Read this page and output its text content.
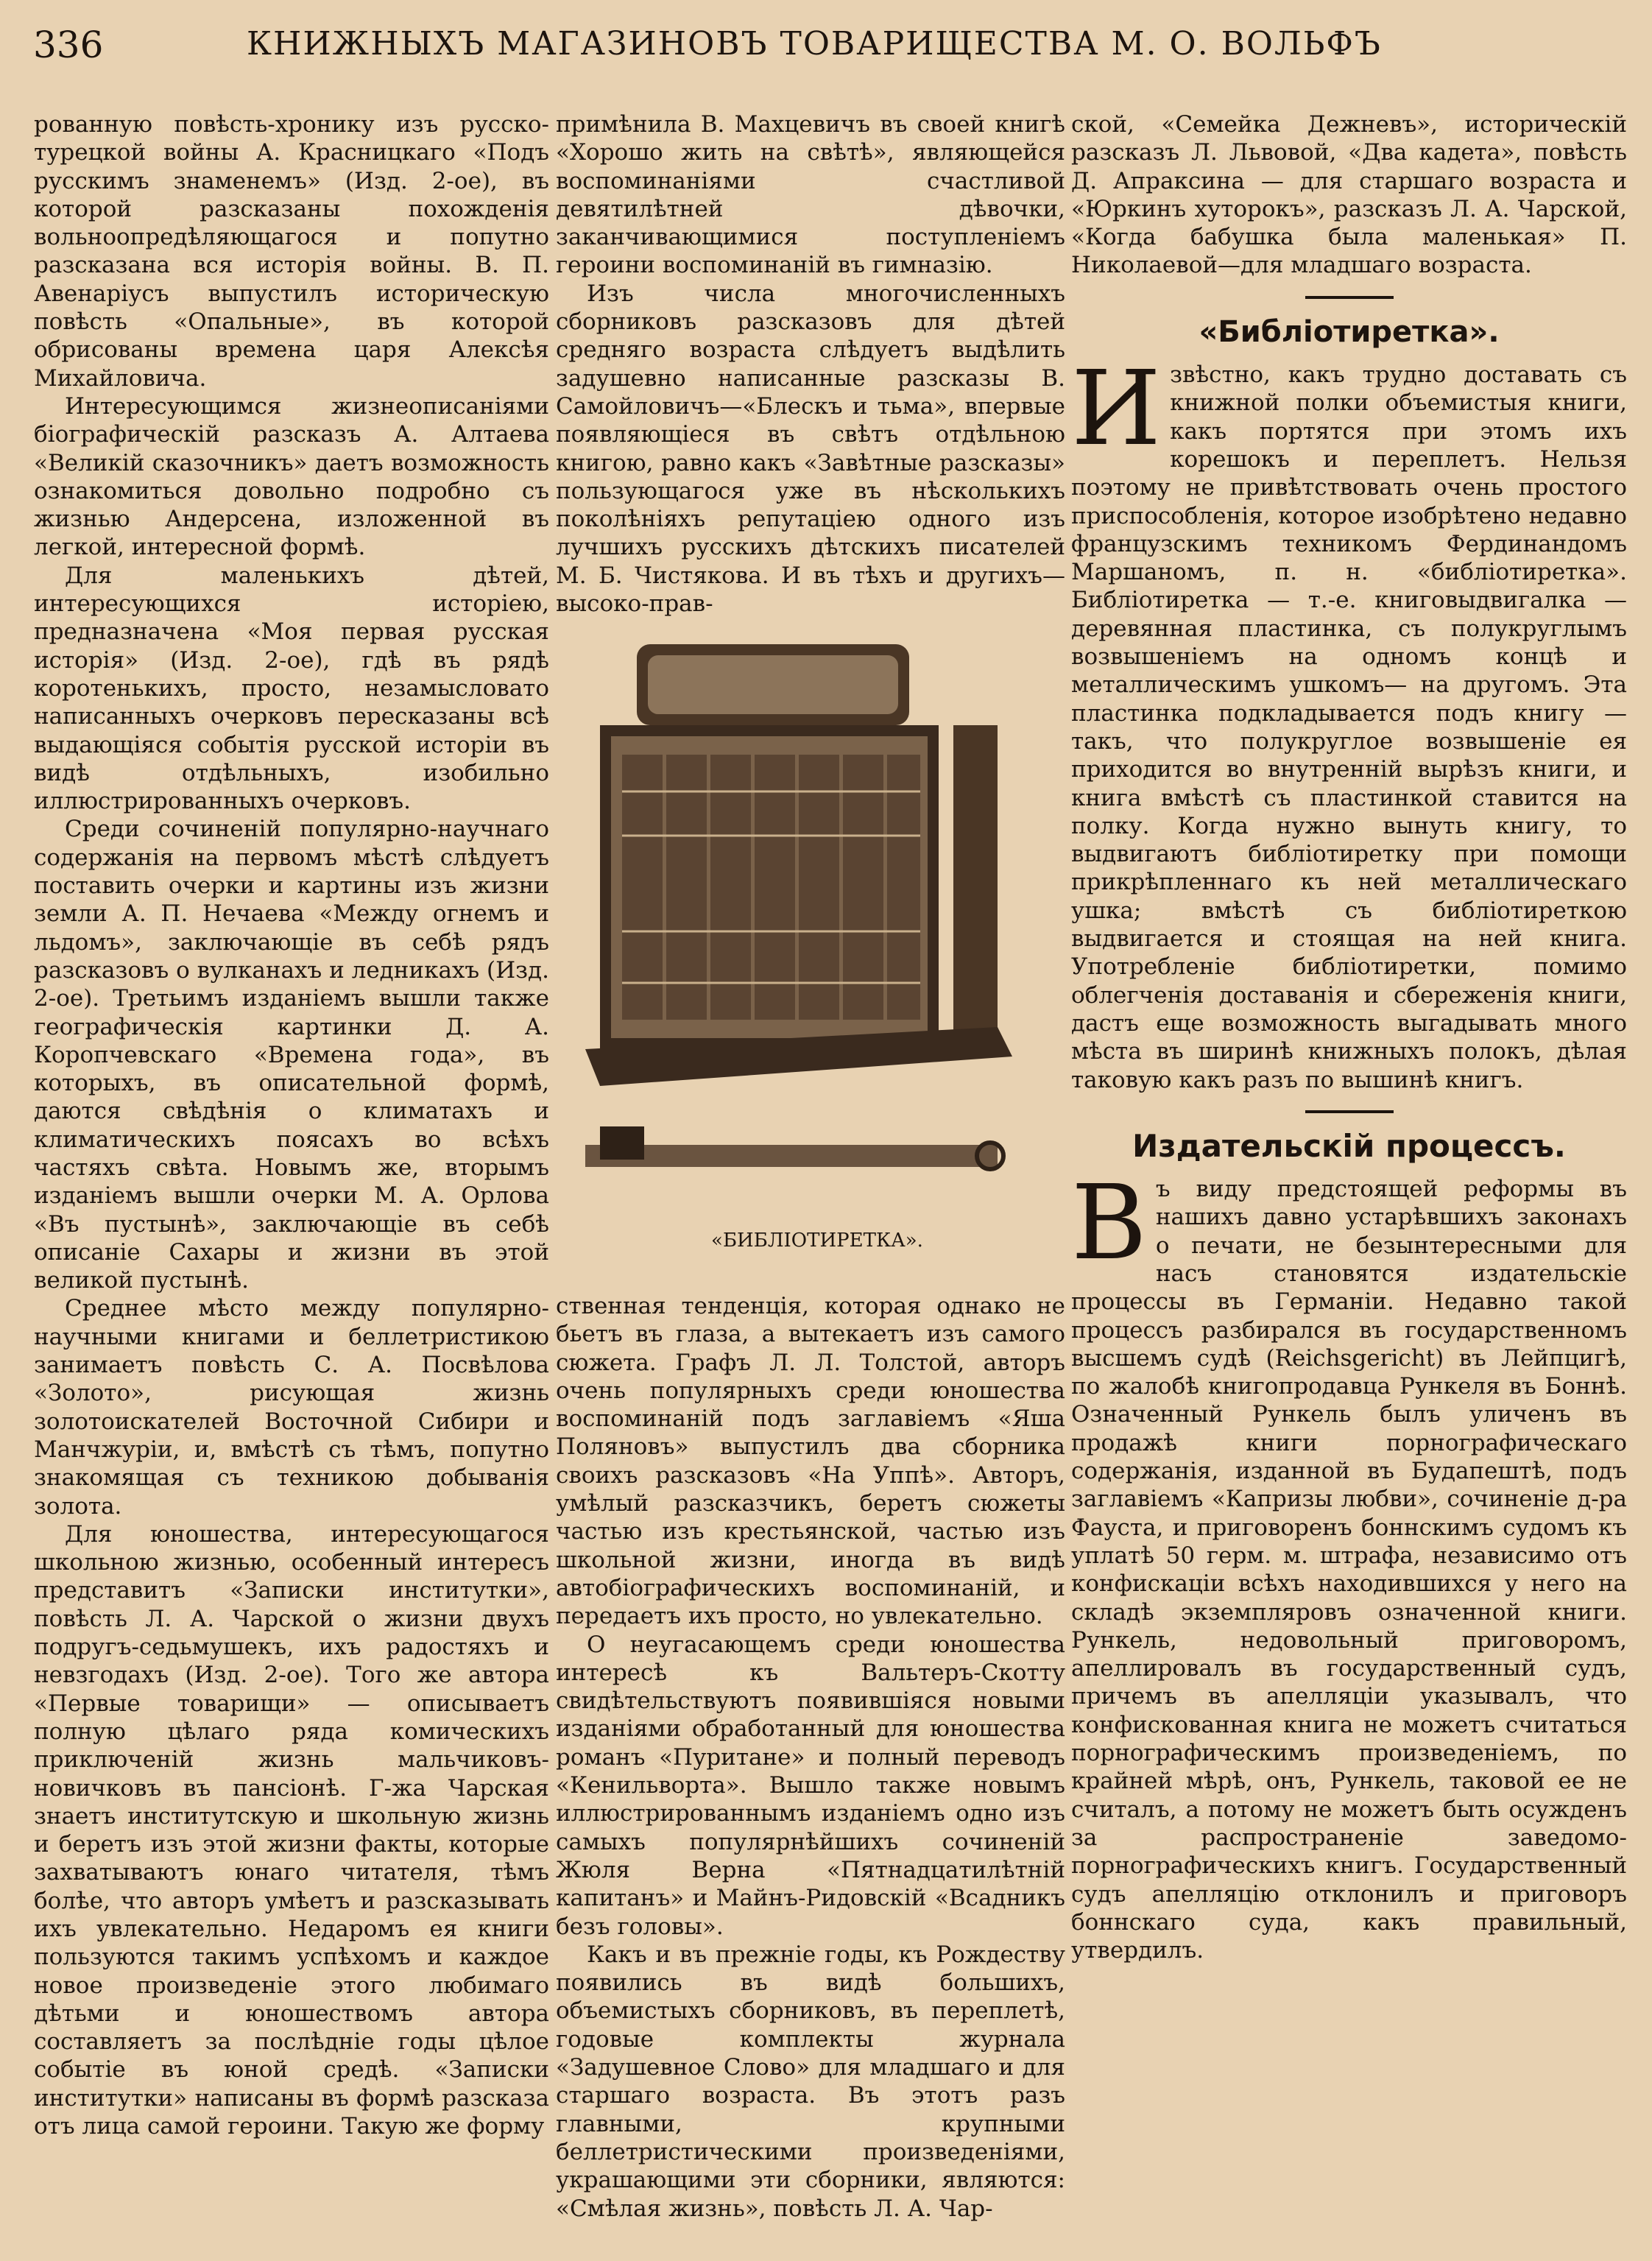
336	КНИЖНЫХЪ МАГАЗИНОВЪ ТОВАРИЩЕСТВА М. О. ВОЛЬФЪ

рованную повѣсть-хронику изъ русско-турецкой войны А. Красницкаго «Подъ русскимъ знаменемъ» (Изд. 2-ое), въ которой разсказаны похожденія вольноопредѣляющагося и попутно разсказана вся исторія войны. В. П. Авенаріусъ выпустилъ историческую повѣсть «Опальные», въ которой обрисованы времена царя Алексѣя Михайловича.

Интересующимся жизнеописаніями біографическій разсказъ А. Алтаева «Великій сказочникъ» даетъ возможность ознакомиться довольно подробно съ жизнью Андерсена, изложенной въ легкой, интересной формѣ.

Для маленькихъ дѣтей, интересующихся исторіею, предназначена «Моя первая русская исторія» (Изд. 2-ое), гдѣ въ рядѣ коротенькихъ, просто, незамысловато написанныхъ очерковъ пересказаны всѣ выдающіяся событія русской исторіи въ видѣ отдѣльныхъ, изобильно иллюстрированныхъ очерковъ.

Среди сочиненій популярно-научнаго содержанія на первомъ мѣстѣ слѣдуетъ поставить очерки и картины изъ жизни земли А. П. Нечаева «Между огнемъ и льдомъ», заключающіе въ себѣ рядъ разсказовъ о вулканахъ и ледникахъ (Изд. 2-ое). Третьимъ изданіемъ вышли также географическія картинки Д. А. Коропчевскаго «Времена года», въ которыхъ, въ описательной формѣ, даются свѣдѣнія о климатахъ и климатическихъ поясахъ во всѣхъ частяхъ свѣта. Новымъ же, вторымъ изданіемъ вышли очерки М. А. Орлова «Въ пустынѣ», заключающіе въ себѣ описаніе Сахары и жизни въ этой великой пустынѣ.

Среднее мѣсто между популярно-научными книгами и беллетристикою занимаетъ повѣсть С. А. Посвѣлова «Золото», рисующая жизнь золотоискателей Восточной Сибири и Манчжуріи, и, вмѣстѣ съ тѣмъ, попутно знакомящая съ техникою добыванія золота.

Для юношества, интересующагося школьною жизнью, особенный интересъ представитъ «Записки институтки», повѣсть Л. А. Чарской о жизни двухъ подругъ-седьмушекъ, ихъ радостяхъ и невзгодахъ (Изд. 2-ое). Того же автора «Первые товарищи» — описываетъ полную цѣлаго ряда комическихъ приключеній жизнь мальчиковъ-новичковъ въ пансіонѣ. Г-жа Чарская знаетъ институтскую и школьную жизнь и беретъ изъ этой жизни факты, которые захватываютъ юнаго читателя, тѣмъ болѣе, что авторъ умѣетъ и разсказывать ихъ увлекательно. Недаромъ ея книги пользуются такимъ успѣхомъ и каждое новое произведеніе этого любимаго дѣтьми и юношествомъ автора составляетъ за послѣдніе годы цѣлое событіе въ юной средѣ. «Записки институтки» написаны въ формѣ разсказа отъ лица самой героини. Такую же форму

примѣнила В. Махцевичъ въ своей книгѣ «Хорошо жить на свѣтѣ», являющейся воспоминаніями счастливой девятилѣтней дѣвочки, заканчивающимися поступленіемъ героини воспоминаній въ гимназію.

Изъ числа многочисленныхъ сборниковъ разсказовъ для дѣтей средняго возраста слѣдуетъ выдѣлить задушевно написанные разсказы В. Самойловичъ—«Блескъ и тьма», впервые появляющіеся въ свѣтъ отдѣльною книгою, равно какъ «Завѣтные разсказы» пользующагося уже въ нѣсколькихъ поколѣніяхъ репутаціею одного изъ лучшихъ русскихъ дѣтскихъ писателей М. Б. Чистякова. И въ тѣхъ и другихъ—высоко-прав-

«БИБЛІОТИРЕТКА».

ственная тенденція, которая однако не бьетъ въ глаза, а вытекаетъ изъ самого сюжета. Графъ Л. Л. Толстой, авторъ очень популярныхъ среди юношества воспоминаній подъ заглавіемъ «Яша Поляновъ» выпустилъ два сборника своихъ разсказовъ «На Уппѣ». Авторъ, умѣлый разсказчикъ, беретъ сюжеты частью изъ крестьянской, частью изъ школьной жизни, иногда въ видѣ автобіографическихъ воспоминаній, и передаетъ ихъ просто, но увлекательно.

О неугасающемъ среди юношества интересѣ къ Вальтеръ-Скотту свидѣтельствуютъ появившіяся новыми изданіями обработанный для юношества романъ «Пуританe» и полный переводъ «Кенильворта». Вышло также новымъ иллюстрированнымъ изданіемъ одно изъ самыхъ популярнѣйшихъ сочиненій Жюля Верна «Пятнадцатилѣтній капитанъ» и Майнъ-Ридовскій «Всадникъ безъ головы».

Какъ и въ прежніе годы, къ Рождеству появились въ видѣ большихъ, объемистыхъ сборниковъ, въ переплетѣ, годовые комплекты журнала «Задушевное Слово» для младшаго и для старшаго возраста. Въ этотъ разъ главными, крупными беллетристическими произведеніями, украшающими эти сборники, являются: «Смѣлая жизнь», повѣсть Л. А. Чар-

ской, «Семейка Дежневъ», историческій разсказъ Л. Львовой, «Два кадета», повѣсть Д. Апраксина — для старшаго возраста и «Юркинъ хуторокъ», разсказъ Л. А. Чарской, «Когда бабушка была маленькая» П. Николаевой—для младшаго возраста.

«Библіотиретка».

Извѣстно, какъ трудно доставать съ книжной полки объемистыя книги, какъ портятся при этомъ ихъ корешокъ и переплетъ. Нельзя поэтому не привѣтствовать очень простого приспособленія, которое изобрѣтено недавно французскимъ техникомъ Фердинандомъ Маршаномъ, п. н. «библіотиретка». Библіотиретка — т.-е. книговыдвигалка — деревянная пластинка, съ полукруглымъ возвышеніемъ на одномъ концѣ и металлическимъ ушкомъ— на другомъ. Эта пластинка подкладывается подъ книгу — такъ, что полукруглое возвышеніе ея приходится во внутренній вырѣзъ книги, и книга вмѣстѣ съ пластинкой ставится на полку. Когда нужно вынуть книгу, то выдвигаютъ библіотиретку при помощи прикрѣпленнаго къ ней металлическаго ушка; вмѣстѣ съ библіотиреткою выдвигается и стоящая на ней книга. Употребленіе библіотиретки, помимо облегченія доставанія и сбереженія книги, дастъ еще возможность выгадывать много мѣста въ ширинѣ книжныхъ полокъ, дѣлая таковую какъ разъ по вышинѣ книгъ.

Издательскій процессъ.

Въ виду предстоящей реформы въ нашихъ давно устарѣвшихъ законахъ о печати, не безынтересными для насъ становятся издательскіе процессы въ Германіи. Недавно такой процессъ разбирался въ государственномъ высшемъ судѣ (Reichsgericht) въ Лейпцигѣ, по жалобѣ книгопродавца Рункеля въ Боннѣ. Означенный Рункель былъ уличенъ въ продажѣ книги порнографическаго содержанія, изданной въ Будапештѣ, подъ заглавіемъ «Капризы любви», сочиненіе д-ра Фауста, и приговоренъ боннскимъ судомъ къ уплатѣ 50 герм. м. штрафа, независимо отъ конфискаціи всѣхъ находившихся у него на складѣ экземпляровъ означенной книги. Рункель, недовольный приговоромъ, апеллировалъ въ государственный судъ, причемъ въ апелляціи указывалъ, что конфискованная книга не можетъ считаться порнографическимъ произведеніемъ, по крайней мѣрѣ, онъ, Рункель, таковой ее не считалъ, а потому не можетъ быть осужденъ за распространеніе заведомо-порнографическихъ книгъ. Государственный судъ апелляцію отклонилъ и приговоръ боннскаго суда, какъ правильный, утвердилъ.
